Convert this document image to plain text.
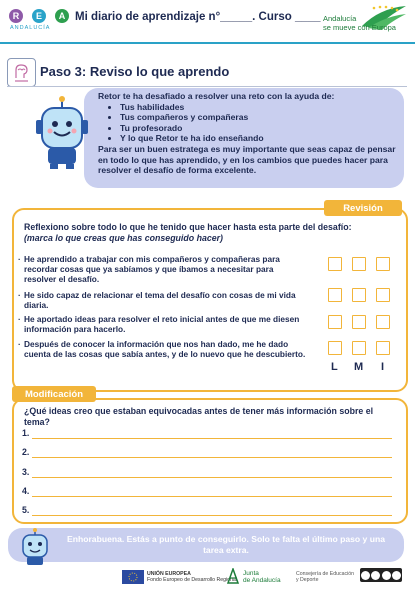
R	E	A
ANDALUCÍA
Mi diario de aprendizaje n°_____. Curso ____ Andalucía
se mueve con Europa
Paso 3: Reviso lo que aprendo
Retor te ha desafiado a resolver una reto con la ayuda de:
• Tus habilidades
• Tus compañeros y compañeras
• Tu profesorado
• Y lo que Retor te ha ido enseñando
Para ser un buen estratega es muy importante que seas capaz de pensar en todo lo que has aprendido, y en los cambios que puedes hacer para resolver el desafío de forma excelente.
Revisión
Reflexiono sobre todo lo que he tenido que hacer hasta esta parte del desafío:
(marca lo que creas que has conseguido hacer)
· He aprendido a trabajar con mis compañeros y compañeras para recordar cosas que ya sabíamos y que íbamos a necesitar para resolver el desafío.
· He sido capaz de relacionar el tema del desafío con cosas de mi vida diaria.
· He aportado ideas para resolver el reto inicial antes de que me diesen información para hacerlo.
· Después de conocer la información que nos han dado, me he dado cuenta de las cosas que sabía antes, y de lo nuevo que he descubierto.
L M I
Modificación
¿Qué ideas creo que estaban equivocadas antes de tener más información sobre el tema?
1.
2.
3.
4.
5.
Enhorabuena. Estás a punto de conseguirlo. Solo te falta el último paso y una tarea extra.
UNIÓN EUROPEA
Fondo Europeo de Desarrollo Regional
Junta
de Andalucía
Consejería de Educación
y Deporte
